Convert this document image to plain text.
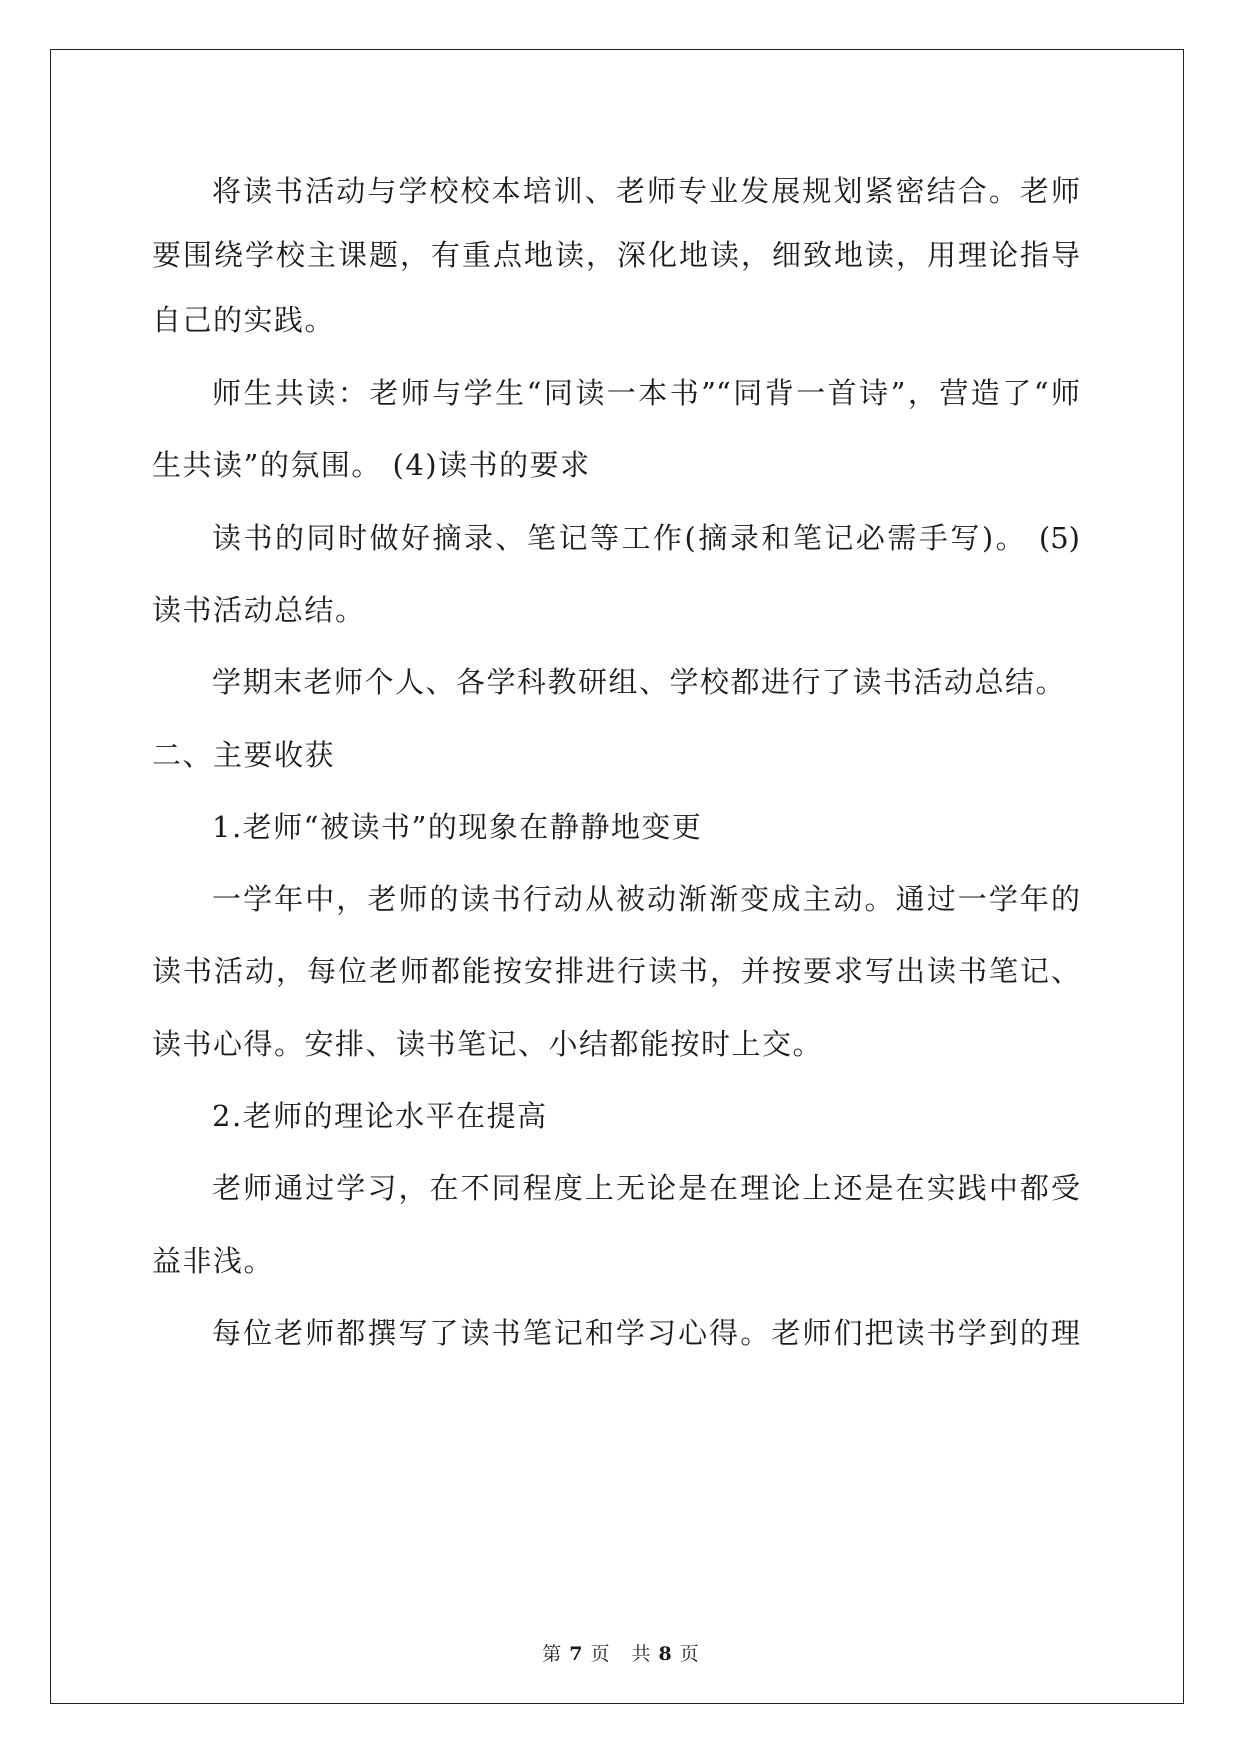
将读书活动与学校校本培训、老师专业发展规划紧密结合。老师
要围绕学校主课题，有重点地读，深化地读，细致地读，用理论指导
自己的实践。
师生共读：老师与学生“同读一本书”“同背一首诗”，营造了“师
生共读”的氛围。 (4)读书的要求
读书的同时做好摘录、笔记等工作(摘录和笔记必需手写)。 (5)
读书活动总结。
学期末老师个人、各学科教研组、学校都进行了读书活动总结。
二、主要收获
1.老师“被读书”的现象在静静地变更
一学年中，老师的读书行动从被动渐渐变成主动。通过一学年的
读书活动，每位老师都能按安排进行读书，并按要求写出读书笔记、
读书心得。安排、读书笔记、小结都能按时上交。
2.老师的理论水平在提高
老师通过学习，在不同程度上无论是在理论上还是在实践中都受
益非浅。
每位老师都撰写了读书笔记和学习心得。老师们把读书学到的理
第 7 页 共 8 页
